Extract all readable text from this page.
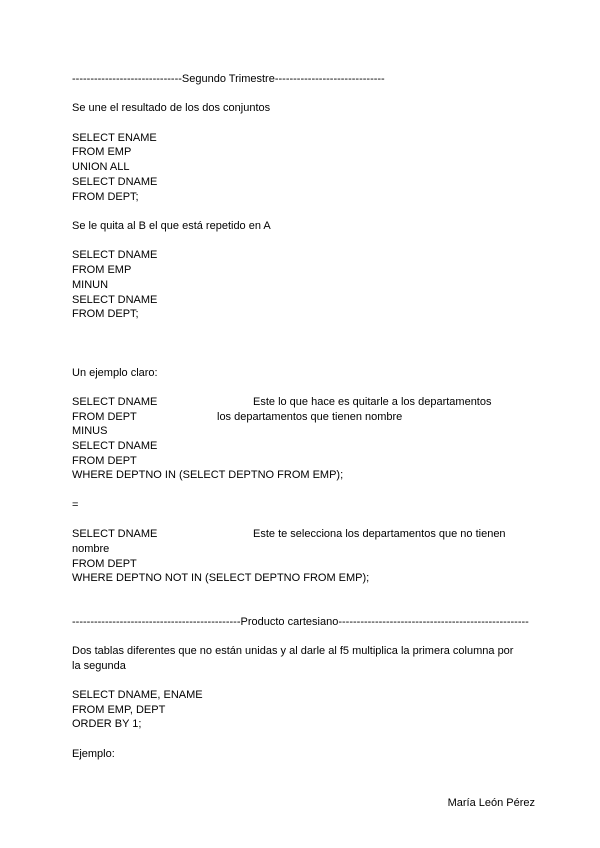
------------------------------Segundo Trimestre------------------------------
Se une el resultado de los dos conjuntos
SELECT ENAME
FROM EMP
UNION ALL
SELECT DNAME
FROM DEPT;
Se le quita al B el que está repetido en A
SELECT DNAME
FROM EMP
MINUN
SELECT DNAME
FROM DEPT;
Un ejemplo claro:
SELECT DNAME	Este lo que hace es quitarle a los departamentos
FROM DEPT	los departamentos que tienen nombre
MINUS
SELECT DNAME
FROM DEPT
WHERE DEPTNO IN (SELECT DEPTNO FROM EMP);
=
SELECT DNAME	Este te selecciona los departamentos que no tienen
nombre
FROM DEPT
WHERE DEPTNO NOT IN (SELECT DEPTNO FROM EMP);
----------------------------------------------Producto cartesiano----------------------------------------------------
Dos tablas diferentes que no están unidas y al darle al f5 multiplica la primera columna por
la segunda
SELECT DNAME, ENAME
FROM EMP, DEPT
ORDER BY 1;
Ejemplo:
María León Pérez
